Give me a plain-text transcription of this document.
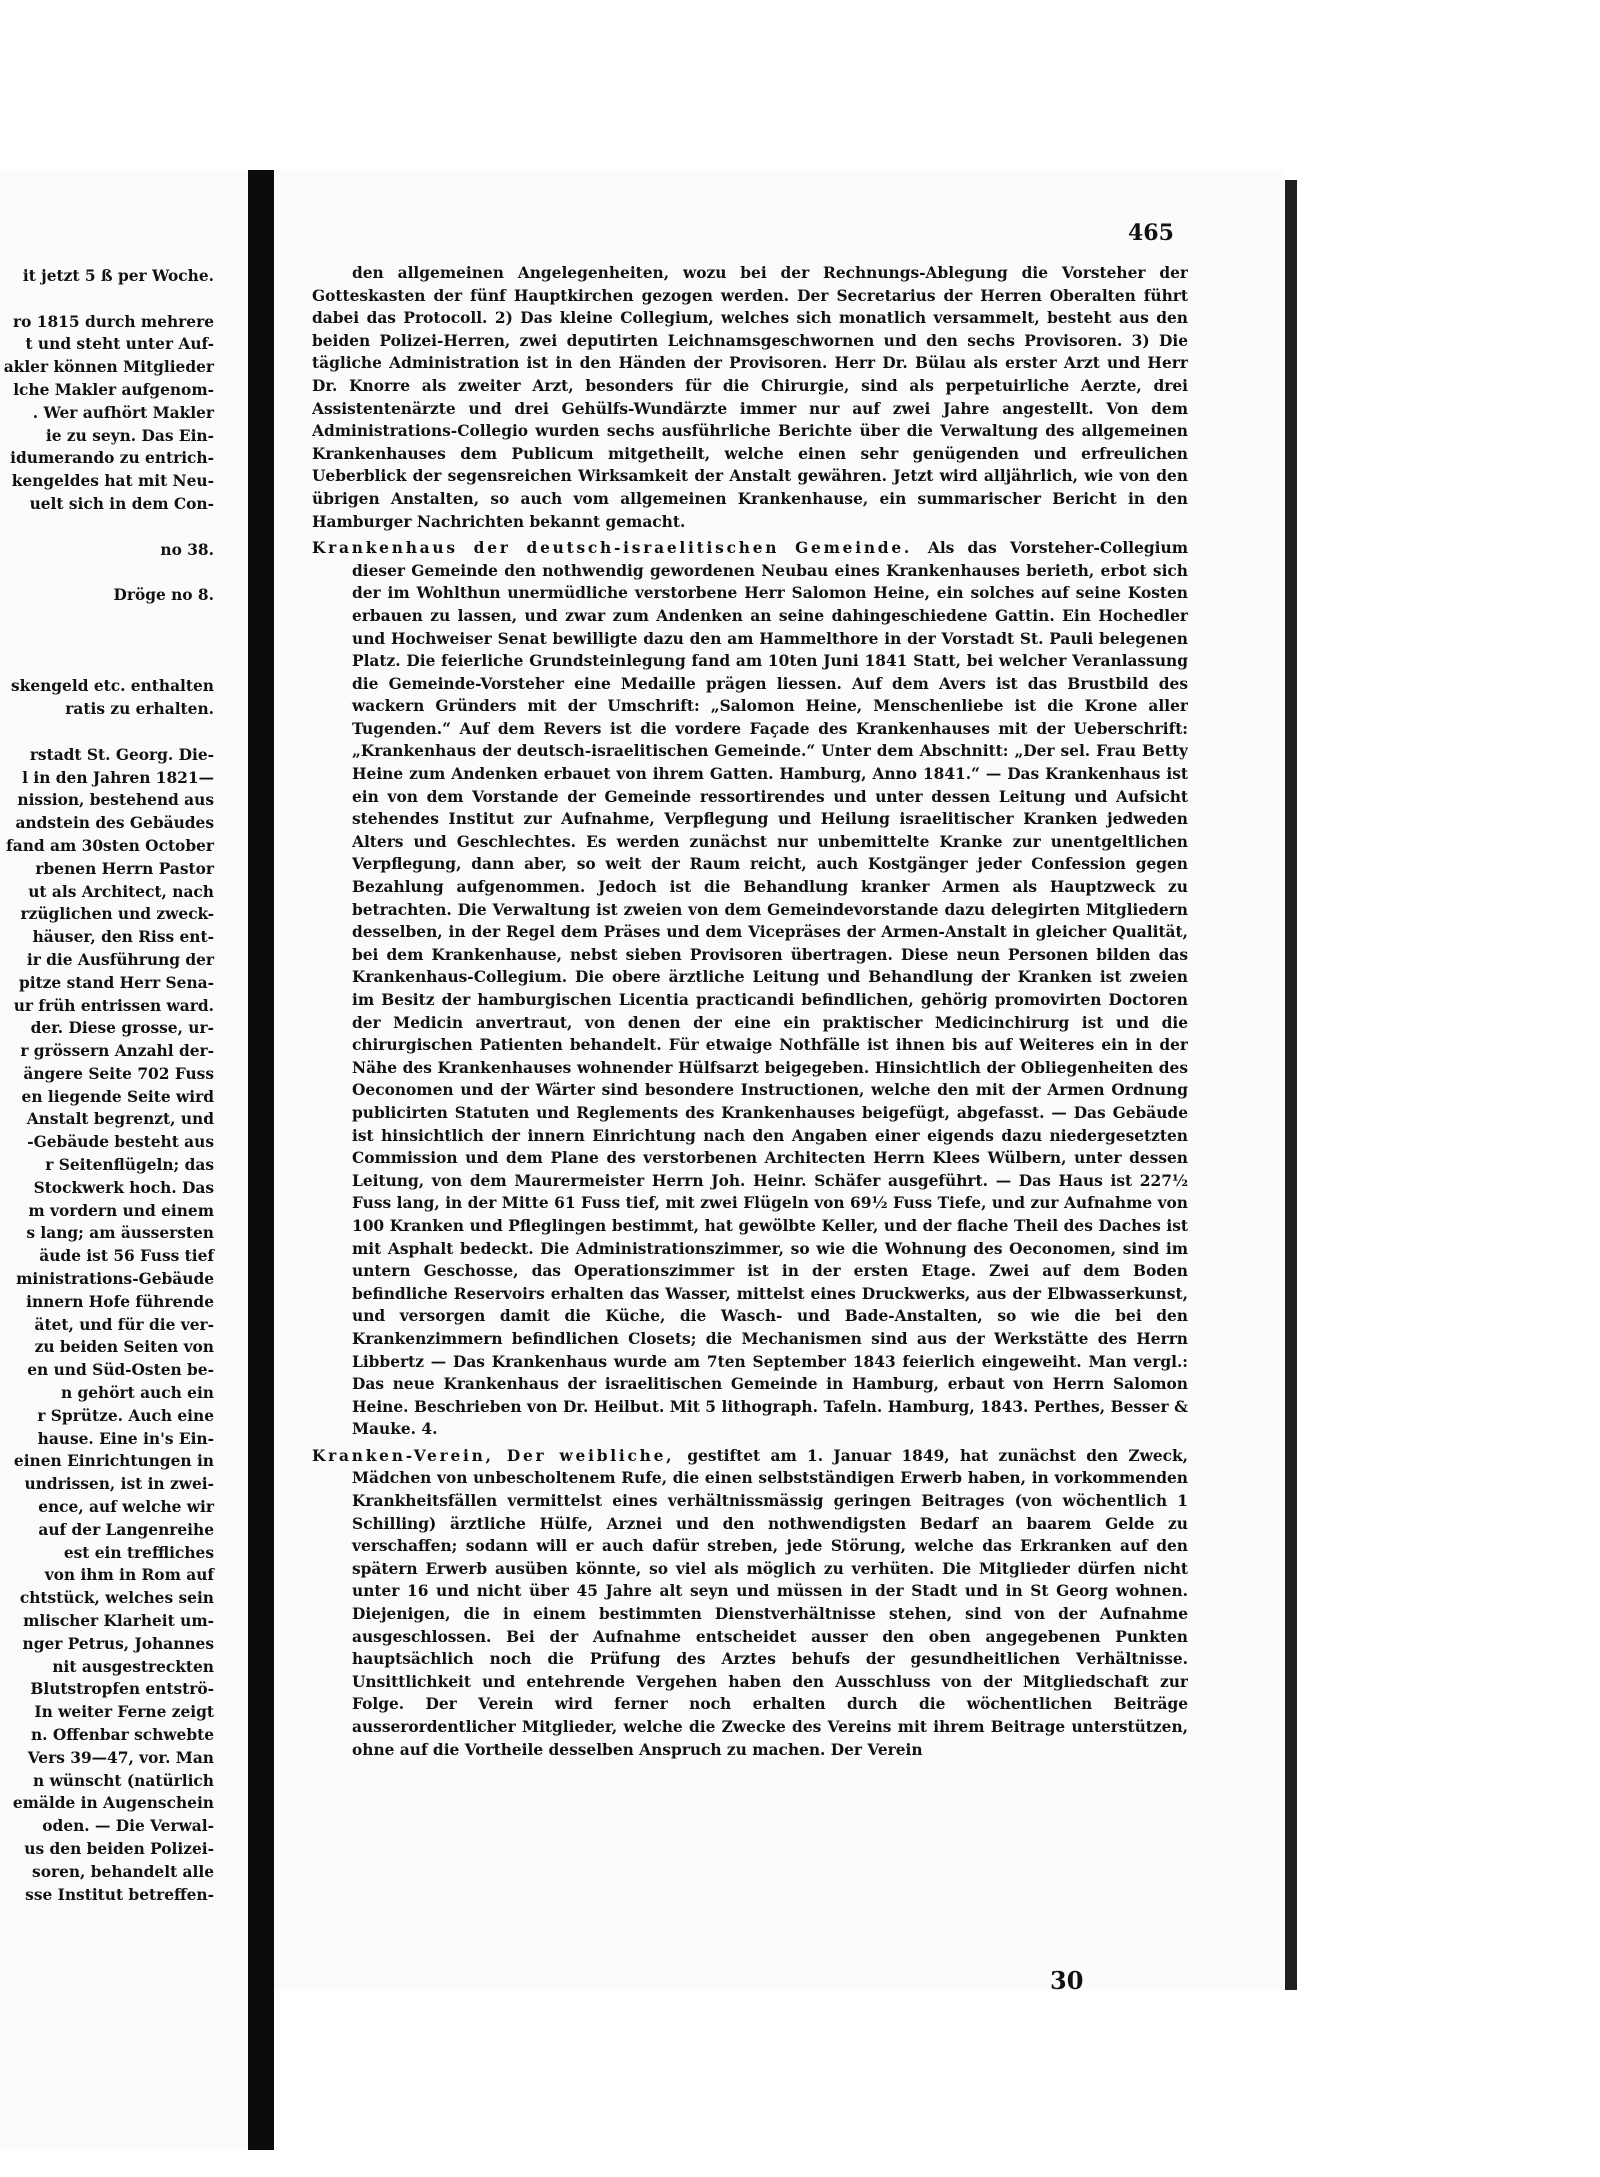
it jetzt 5 ß per Woche.
ro 1815 durch mehrere
t und steht unter Auf-
akler können Mitglieder
lche Makler aufgenom-
. Wer aufhört Makler
ie zu seyn. Das Ein-
idumerando zu entrich-
kengeldes hat mit Neu-
uelt sich in dem Con-
no 38.
Dröge no 8.
skengeld etc. enthalten
ratis zu erhalten.
rstadt St. Georg. Die-
l in den Jahren 1821—
nission, bestehend aus
andstein des Gebäudes
fand am 30sten October
rbenen Herrn Pastor
ut als Architect, nach
rzüglichen und zweck-
häuser, den Riss ent-
ir die Ausführung der
pitze stand Herr Sena-
ur früh entrissen ward.
der. Diese grosse, ur-
r grössern Anzahl der-
ängere Seite 702 Fuss
en liegende Seite wird
Anstalt begrenzt, und
-Gebäude besteht aus
r Seitenflügeln; das
Stockwerk hoch. Das
m vordern und einem
s lang; am äussersten
äude ist 56 Fuss tief
ministrations-Gebäude
innern Hofe führende
ätet, und für die ver-
zu beiden Seiten von
en und Süd-Osten be-
n gehört auch ein
r Sprütze. Auch eine
hause. Eine in's Ein-
einen Einrichtungen in
undrissen, ist in zwei-
ence, auf welche wir
auf der Langenreihe
est ein treffliches
von ihm in Rom auf
chtstück, welches sein
mlischer Klarheit um-
nger Petrus, Johannes
nit ausgestreckten
Blutstropfen entströ-
In weiter Ferne zeigt
n. Offenbar schwebte
Vers 39—47, vor. Man
n wünscht (natürlich
emälde in Augenschein
oden. — Die Verwal-
us den beiden Polizei-
soren, behandelt alle
sse Institut betreffen-
465

den allgemeinen Angelegenheiten, wozu bei der Rechnungs-Ablegung die Vorsteher der Gotteskasten der fünf Hauptkirchen gezogen werden. Der Secretarius der Herren Oberalten führt dabei das Protocoll. 2) Das kleine Collegium, welches sich monatlich versammelt, besteht aus den beiden Polizei-Herren, zwei deputirten Leichnamsgeschwornen und den sechs Provisoren. 3) Die tägliche Administration ist in den Händen der Provisoren. Herr Dr. Bülau als erster Arzt und Herr Dr. Knorre als zweiter Arzt, besonders für die Chirurgie, sind als perpetuirliche Aerzte, drei Assistentenärzte und drei Gehülfs-Wundärzte immer nur auf zwei Jahre angestellt. Von dem Administrations-Collegio wurden sechs ausführliche Berichte über die Verwaltung des allgemeinen Krankenhauses dem Publicum mitgetheilt, welche einen sehr genügenden und erfreulichen Ueberblick der segensreichen Wirksamkeit der Anstalt gewähren. Jetzt wird alljährlich, wie von den übrigen Anstalten, so auch vom allgemeinen Krankenhause, ein summarischer Bericht in den Hamburger Nachrichten bekannt gemacht.

Krankenhaus der deutsch-israelitischen Gemeinde. Als das Vorsteher-Collegium dieser Gemeinde den nothwendig gewordenen Neubau eines Krankenhauses berieth, erbot sich der im Wohlthun unermüdliche verstorbene Herr Salomon Heine, ein solches auf seine Kosten erbauen zu lassen, und zwar zum Andenken an seine dahingeschiedene Gattin. Ein Hochedler und Hochweiser Senat bewilligte dazu den am Hammelthore in der Vorstadt St. Pauli belegenen Platz. Die feierliche Grundsteinlegung fand am 10ten Juni 1841 Statt, bei welcher Veranlassung die Gemeinde-Vorsteher eine Medaille prägen liessen. Auf dem Avers ist das Brustbild des wackern Gründers mit der Umschrift: „Salomon Heine, Menschenliebe ist die Krone aller Tugenden.“ Auf dem Revers ist die vordere Façade des Krankenhauses mit der Ueberschrift: „Krankenhaus der deutsch-israelitischen Gemeinde.“ Unter dem Abschnitt: „Der sel. Frau Betty Heine zum Andenken erbauet von ihrem Gatten. Hamburg, Anno 1841.“ — Das Krankenhaus ist ein von dem Vorstande der Gemeinde ressortirendes und unter dessen Leitung und Aufsicht stehendes Institut zur Aufnahme, Verpflegung und Heilung israelitischer Kranken jedweden Alters und Geschlechtes. Es werden zunächst nur unbemittelte Kranke zur unentgeltlichen Verpflegung, dann aber, so weit der Raum reicht, auch Kostgänger jeder Confession gegen Bezahlung aufgenommen. Jedoch ist die Behandlung kranker Armen als Hauptzweck zu betrachten. Die Verwaltung ist zweien von dem Gemeindevorstande dazu delegirten Mitgliedern desselben, in der Regel dem Präses und dem Vicepräses der Armen-Anstalt in gleicher Qualität, bei dem Krankenhause, nebst sieben Provisoren übertragen. Diese neun Personen bilden das Krankenhaus-Collegium. Die obere ärztliche Leitung und Behandlung der Kranken ist zweien im Besitz der hamburgischen Licentia practicandi befindlichen, gehörig promovirten Doctoren der Medicin anvertraut, von denen der eine ein praktischer Medicinchirurg ist und die chirurgischen Patienten behandelt. Für etwaige Nothfälle ist ihnen bis auf Weiteres ein in der Nähe des Krankenhauses wohnender Hülfsarzt beigegeben. Hinsichtlich der Obliegenheiten des Oeconomen und der Wärter sind besondere Instructionen, welche den mit der Armen Ordnung publicirten Statuten und Reglements des Krankenhauses beigefügt, abgefasst. — Das Gebäude ist hinsichtlich der innern Einrichtung nach den Angaben einer eigends dazu niedergesetzten Commission und dem Plane des verstorbenen Architecten Herrn Klees Wülbern, unter dessen Leitung, von dem Maurermeister Herrn Joh. Heinr. Schäfer ausgeführt. — Das Haus ist 227½ Fuss lang, in der Mitte 61 Fuss tief, mit zwei Flügeln von 69½ Fuss Tiefe, und zur Aufnahme von 100 Kranken und Pfleglingen bestimmt, hat gewölbte Keller, und der flache Theil des Daches ist mit Asphalt bedeckt. Die Administrationszimmer, so wie die Wohnung des Oeconomen, sind im untern Geschosse, das Operationszimmer ist in der ersten Etage. Zwei auf dem Boden befindliche Reservoirs erhalten das Wasser, mittelst eines Druckwerks, aus der Elbwasserkunst, und versorgen damit die Küche, die Wasch- und Bade-Anstalten, so wie die bei den Krankenzimmern befindlichen Closets; die Mechanismen sind aus der Werkstätte des Herrn Libbertz — Das Krankenhaus wurde am 7ten September 1843 feierlich eingeweiht. Man vergl.: Das neue Krankenhaus der israelitischen Gemeinde in Hamburg, erbaut von Herrn Salomon Heine. Beschrieben von Dr. Heilbut. Mit 5 lithograph. Tafeln. Hamburg, 1843. Perthes, Besser & Mauke. 4.

Kranken-Verein, Der weibliche, gestiftet am 1. Januar 1849, hat zunächst den Zweck, Mädchen von unbescholtenem Rufe, die einen selbstständigen Erwerb haben, in vorkommenden Krankheitsfällen vermittelst eines verhältnissmässig geringen Beitrages (von wöchentlich 1 Schilling) ärztliche Hülfe, Arznei und den nothwendigsten Bedarf an baarem Gelde zu verschaffen; sodann will er auch dafür streben, jede Störung, welche das Erkranken auf den spätern Erwerb ausüben könnte, so viel als möglich zu verhüten. Die Mitglieder dürfen nicht unter 16 und nicht über 45 Jahre alt seyn und müssen in der Stadt und in St Georg wohnen. Diejenigen, die in einem bestimmten Dienstverhältnisse stehen, sind von der Aufnahme ausgeschlossen. Bei der Aufnahme entscheidet ausser den oben angegebenen Punkten hauptsächlich noch die Prüfung des Arztes behufs der gesundheitlichen Verhältnisse. Unsittlichkeit und entehrende Vergehen haben den Ausschluss von der Mitgliedschaft zur Folge. Der Verein wird ferner noch erhalten durch die wöchentlichen Beiträge ausserordentlicher Mitglieder, welche die Zwecke des Vereins mit ihrem Beitrage unterstützen, ohne auf die Vortheile desselben Anspruch zu machen. Der Verein

30
